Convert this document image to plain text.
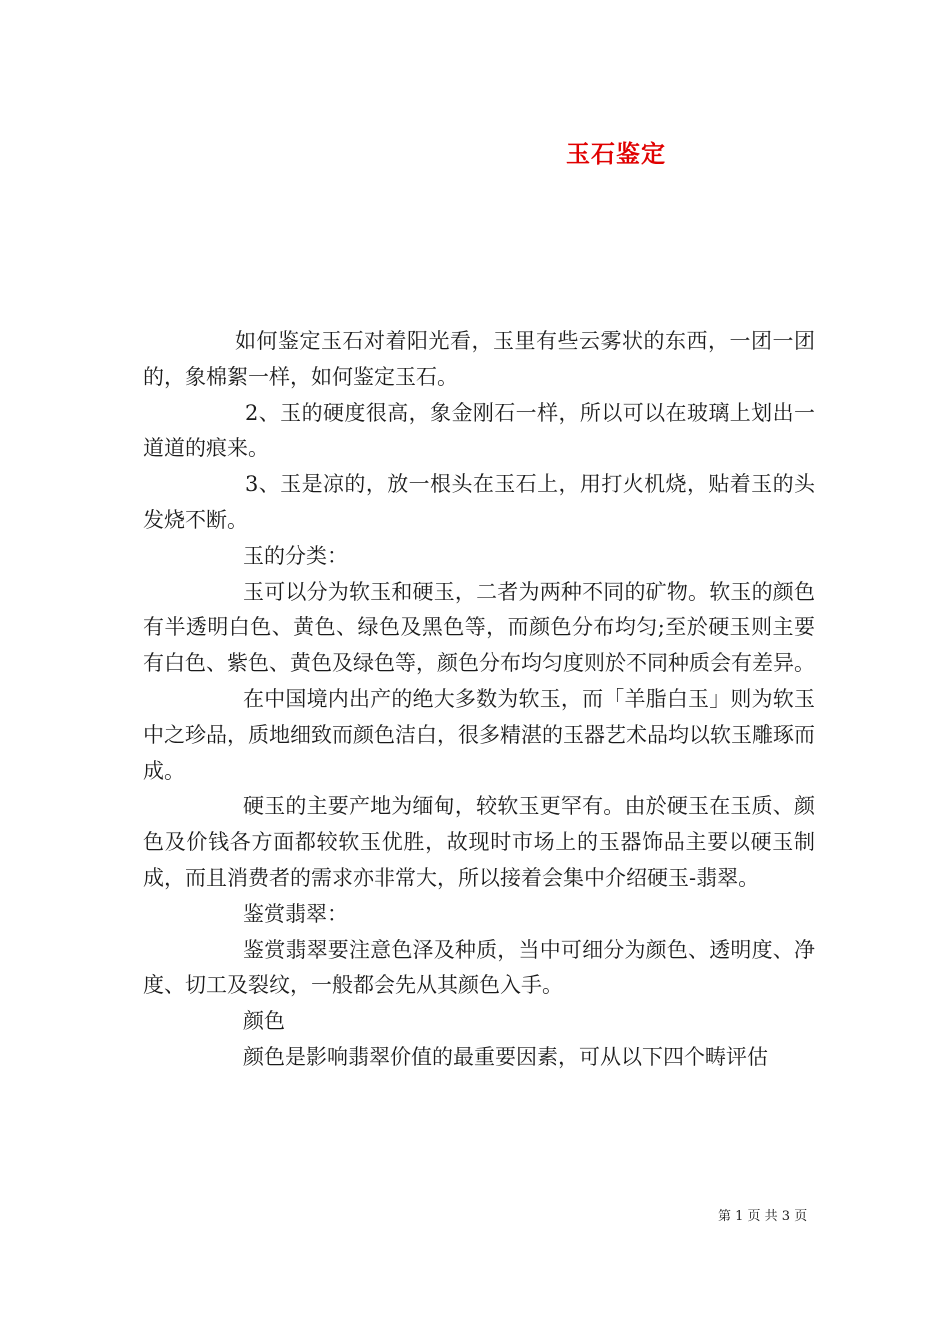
玉石鉴定

如何鉴定玉石对着阳光看，玉里有些云雾状的东西，一团一团的，象棉絮一样，如何鉴定玉石。

2、玉的硬度很高，象金刚石一样，所以可以在玻璃上划出一道道的痕来。

3、玉是凉的，放一根头在玉石上，用打火机烧，贴着玉的头发烧不断。

玉的分类：

玉可以分为软玉和硬玉，二者为两种不同的矿物。软玉的颜色有半透明白色、黄色、绿色及黑色等，而颜色分布均匀;至於硬玉则主要有白色、紫色、黄色及绿色等，颜色分布均匀度则於不同种质会有差异。

在中国境内出产的绝大多数为软玉，而「羊脂白玉」则为软玉中之珍品，质地细致而颜色洁白，很多精湛的玉器艺术品均以软玉雕琢而成。

硬玉的主要产地为缅甸，较软玉更罕有。由於硬玉在玉质、颜色及价钱各方面都较软玉优胜，故现时市场上的玉器饰品主要以硬玉制成，而且消费者的需求亦非常大，所以接着会集中介绍硬玉-翡翠。

鉴赏翡翠：

鉴赏翡翠要注意色泽及种质，当中可细分为颜色、透明度、净度、切工及裂纹，一般都会先从其颜色入手。

颜色

颜色是影响翡翠价值的最重要因素，可从以下四个畴评估

第 1 页 共 3 页
